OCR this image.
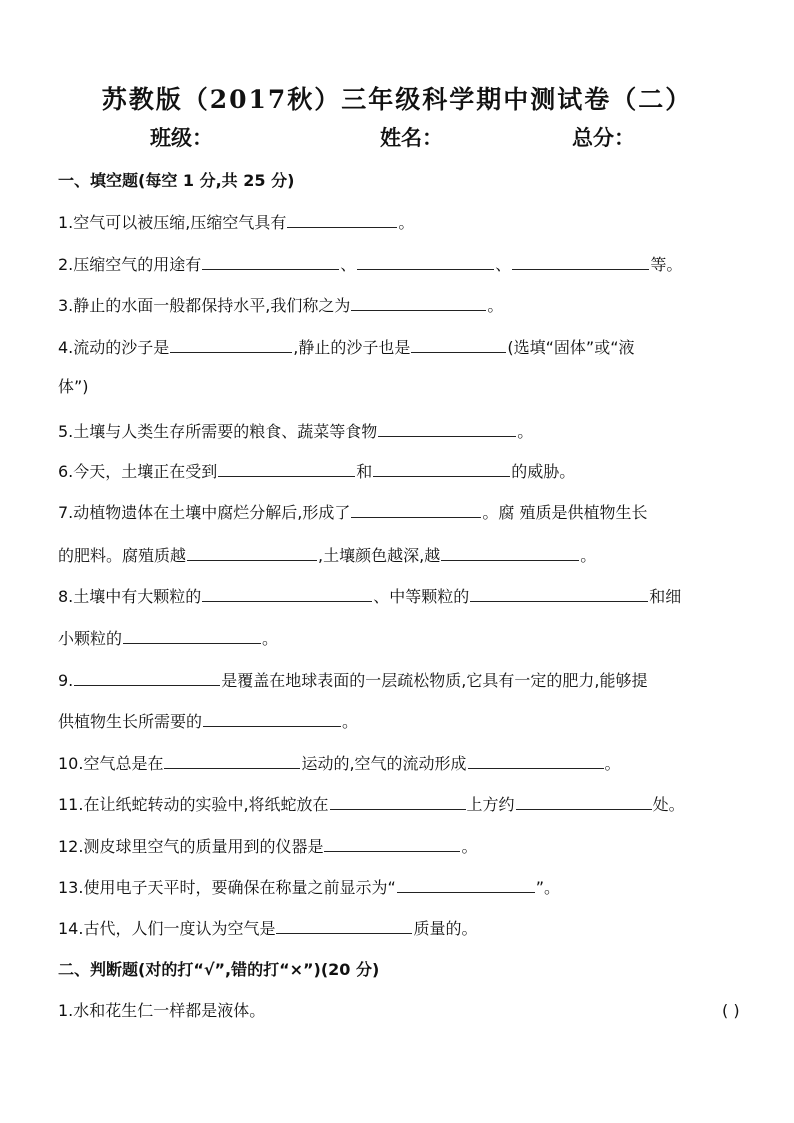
苏教版（2017秋）三年级科学期中测试卷（二）
班级：	姓名：	总分：
一、填空题(每空 1 分,共 25 分)
1.空气可以被压缩,压缩空气具有	。
2.压缩空气的用途有	、	、	等。
3.静止的水面一般都保持水平,我们称之为	。
4.流动的沙子是	,静止的沙子也是	(选填“固体”或“液
体”)
5.土壤与人类生存所需要的粮食、蔬菜等食物	。
6.今天，土壤正在受到	和	的威胁。
7.动植物遗体在土壤中腐烂分解后,形成了	。腐 殖质是供植物生长
的肥料。腐殖质越	,土壤颜色越深,越	。
8.土壤中有大颗粒的	、中等颗粒的	和细
小颗粒的	。
9.	是覆盖在地球表面的一层疏松物质,它具有一定的肥力,能够提
供植物生长所需要的	。
10.空气总是在	运动的,空气的流动形成	。
11.在让纸蛇转动的实验中,将纸蛇放在	上方约	处。
12.测皮球里空气的质量用到的仪器是	。
13.使用电子天平时，要确保在称量之前显示为“	”。
14.古代，人们一度认为空气是	质量的。
二、判断题(对的打“√”,错的打“×”)(20 分)
1.水和花生仁一样都是液体。	( )
